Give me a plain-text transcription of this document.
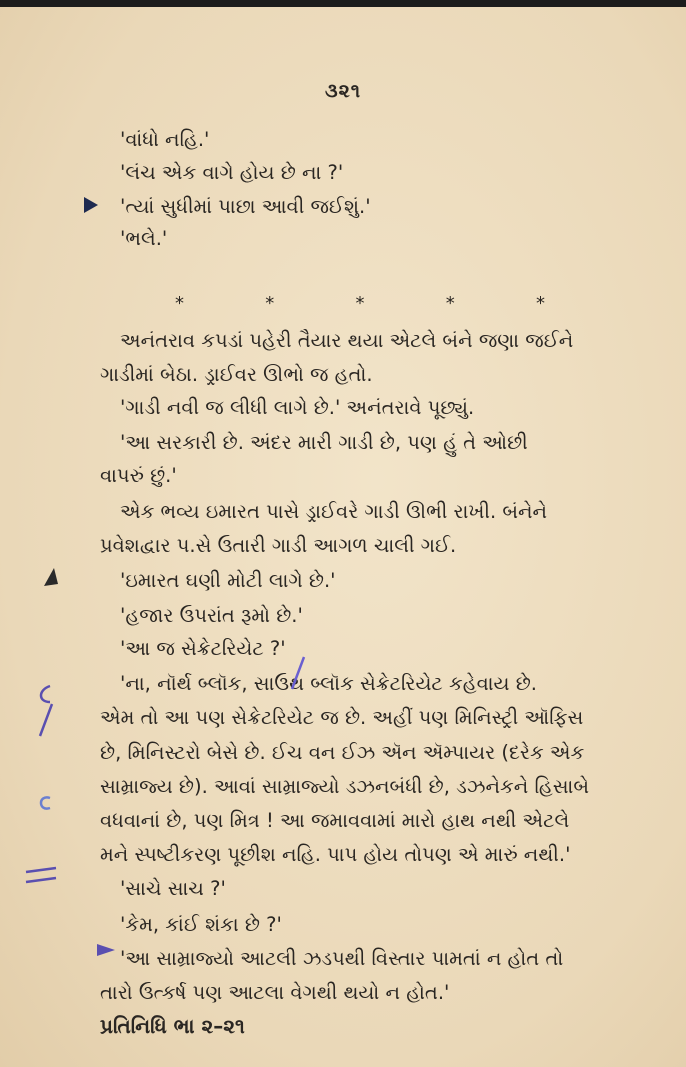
૩૨૧
'વાંધો નહિ.'
'લંચ એક વાગે હોય છે ના ?'
'ત્યાં સુધીમાં પાછા આવી જઈશું.'
'ભલે.'
*	*	*	*	*
અનંતરાવ કપડાં પહેરી તૈયાર થયા એટલે બંને જણા જઈને
ગાડીમાં બેઠા. ડ્રાઈવર ઊભો જ હતો.
'ગાડી નવી જ લીધી લાગે છે.' અનંતરાવે પૂછ્યું.
'આ સરકારી છે. અંદર મારી ગાડી છે, પણ હું તે ઓછી
વાપરું છું.'
એક ભવ્ય ઇમારત પાસે ડ્રાઈવરે ગાડી ઊભી રાખી. બંનેને
પ્રવેશદ્વાર પ.સે ઉતારી ગાડી આગળ ચાલી ગઈ.
'ઇમારત ઘણી મોટી લાગે છે.'
'હજાર ઉપરાંત રૂમો છે.'
'આ જ સેક્રેટરિયેટ ?'
'ના, નૉર્થ બ્લૉક, સાઉથ બ્લૉક સેક્રેટરિયેટ કહેવાય છે.
એમ તો આ પણ સેક્રેટરિયેટ જ છે. અહીં પણ મિનિસ્ટ્રી ઑફિસ
છે, મિનિસ્ટરો બેસે છે. ઈચ વન ઈઝ ઍન ઍમ્પાયર (દરેક એક
સામ્રાજ્ય છે). આવાં સામ્રાજ્યો ડઝનબંધી છે, ડઝનેકને હિસાબે
વધવાનાં છે, પણ મિત્ર ! આ જમાવવામાં મારો હાથ નથી એટલે
મને સ્પષ્ટીકરણ પૂછીશ નહિ. પાપ હોય તોપણ એ મારું નથી.'
'સાચે સાચ ?'
'કેમ, કાંઈ શંકા છે ?'
'આ સામ્રાજ્યો આટલી ઝડપથી વિસ્તાર પામતાં ન હોત તો
તારો ઉત્કર્ષ પણ આટલા વેગથી થયો ન હોત.'
પ્રતિનિધિ ભા ૨–૨૧
